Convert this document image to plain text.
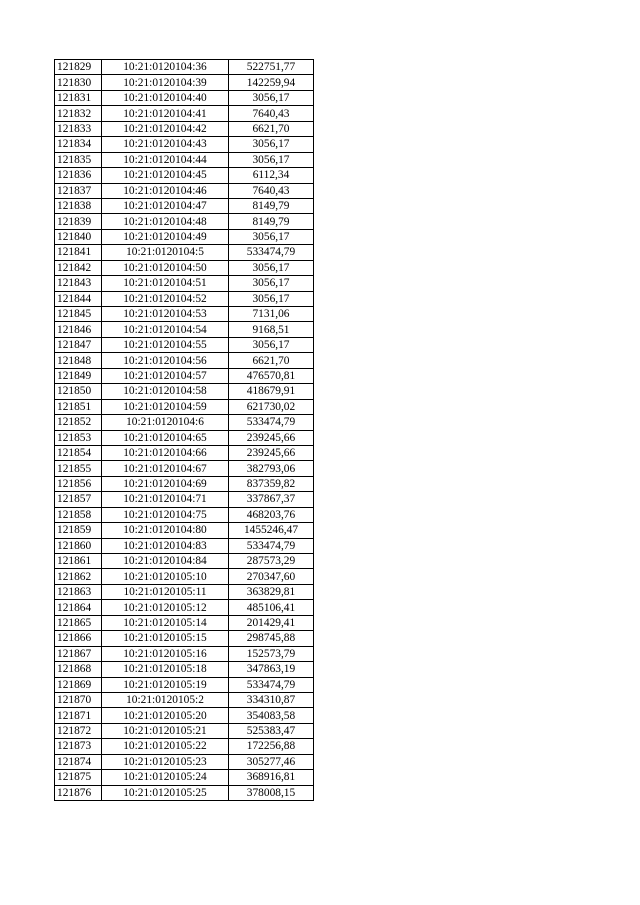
121829	10:21:0120104:36	522751,77
121830	10:21:0120104:39	142259,94
121831	10:21:0120104:40	3056,17
121832	10:21:0120104:41	7640,43
121833	10:21:0120104:42	6621,70
121834	10:21:0120104:43	3056,17
121835	10:21:0120104:44	3056,17
121836	10:21:0120104:45	6112,34
121837	10:21:0120104:46	7640,43
121838	10:21:0120104:47	8149,79
121839	10:21:0120104:48	8149,79
121840	10:21:0120104:49	3056,17
121841	10:21:0120104:5	533474,79
121842	10:21:0120104:50	3056,17
121843	10:21:0120104:51	3056,17
121844	10:21:0120104:52	3056,17
121845	10:21:0120104:53	7131,06
121846	10:21:0120104:54	9168,51
121847	10:21:0120104:55	3056,17
121848	10:21:0120104:56	6621,70
121849	10:21:0120104:57	476570,81
121850	10:21:0120104:58	418679,91
121851	10:21:0120104:59	621730,02
121852	10:21:0120104:6	533474,79
121853	10:21:0120104:65	239245,66
121854	10:21:0120104:66	239245,66
121855	10:21:0120104:67	382793,06
121856	10:21:0120104:69	837359,82
121857	10:21:0120104:71	337867,37
121858	10:21:0120104:75	468203,76
121859	10:21:0120104:80	1455246,47
121860	10:21:0120104:83	533474,79
121861	10:21:0120104:84	287573,29
121862	10:21:0120105:10	270347,60
121863	10:21:0120105:11	363829,81
121864	10:21:0120105:12	485106,41
121865	10:21:0120105:14	201429,41
121866	10:21:0120105:15	298745,88
121867	10:21:0120105:16	152573,79
121868	10:21:0120105:18	347863,19
121869	10:21:0120105:19	533474,79
121870	10:21:0120105:2	334310,87
121871	10:21:0120105:20	354083,58
121872	10:21:0120105:21	525383,47
121873	10:21:0120105:22	172256,88
121874	10:21:0120105:23	305277,46
121875	10:21:0120105:24	368916,81
121876	10:21:0120105:25	378008,15
